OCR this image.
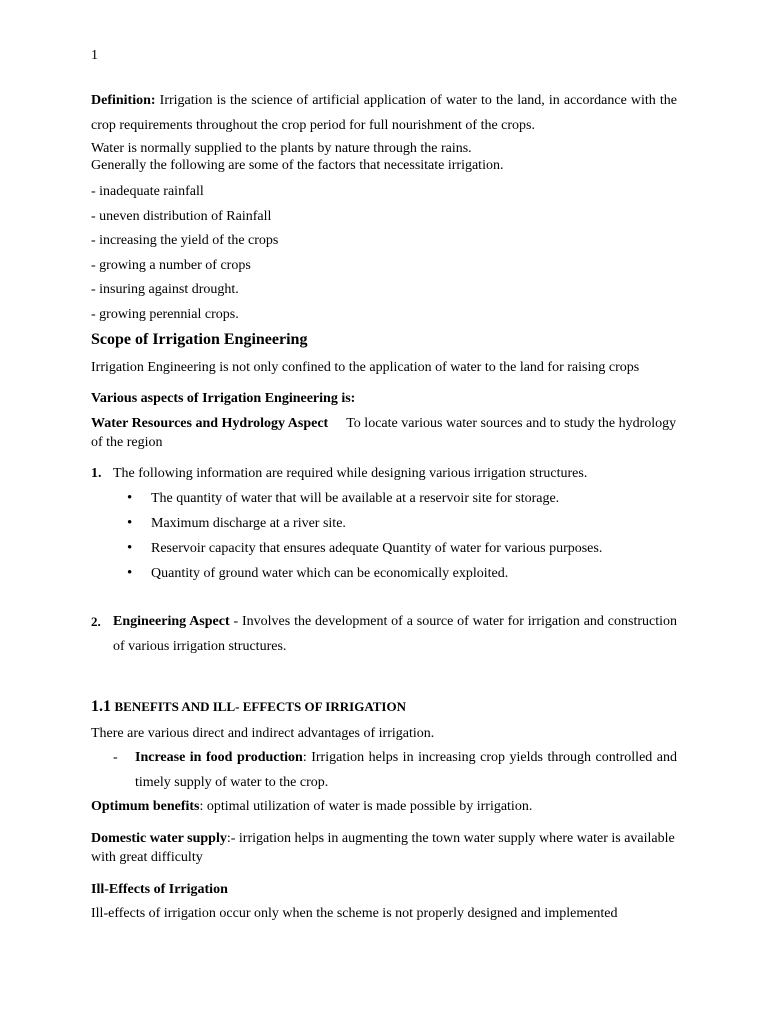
1

Definition: Irrigation is the science of artificial application of water to the land, in accordance with the crop requirements throughout the crop period for full nourishment of the crops.

Water is normally supplied to the plants by nature through the rains.

Generally the following are some of the factors that necessitate irrigation.

- inadequate rainfall

- uneven distribution of Rainfall

- increasing the yield of the crops

- growing a number of crops

- insuring against drought.

- growing perennial crops.

Scope of Irrigation Engineering

Irrigation Engineering is not only confined to the application of water to the land for raising crops

Various aspects of Irrigation Engineering is:

Water Resources and Hydrology Aspect To locate various water sources and to study the hydrology of the region

1. The following information are required while designing various irrigation structures.
• The quantity of water that will be available at a reservoir site for storage.
• Maximum discharge at a river site.
• Reservoir capacity that ensures adequate Quantity of water for various purposes.
• Quantity of ground water which can be economically exploited.
2. Engineering Aspect - Involves the development of a source of water for irrigation and construction of various irrigation structures.

1.1 BENEFITS AND ILL- EFFECTS OF IRRIGATION

There are various direct and indirect advantages of irrigation.

-	Increase in food production: Irrigation helps in increasing crop yields through controlled and timely supply of water to the crop.

Optimum benefits: optimal utilization of water is made possible by irrigation.

Domestic water supply:- irrigation helps in augmenting the town water supply where water is available with great difficulty

Ill-Effects of Irrigation

Ill-effects of irrigation occur only when the scheme is not properly designed and implemented
